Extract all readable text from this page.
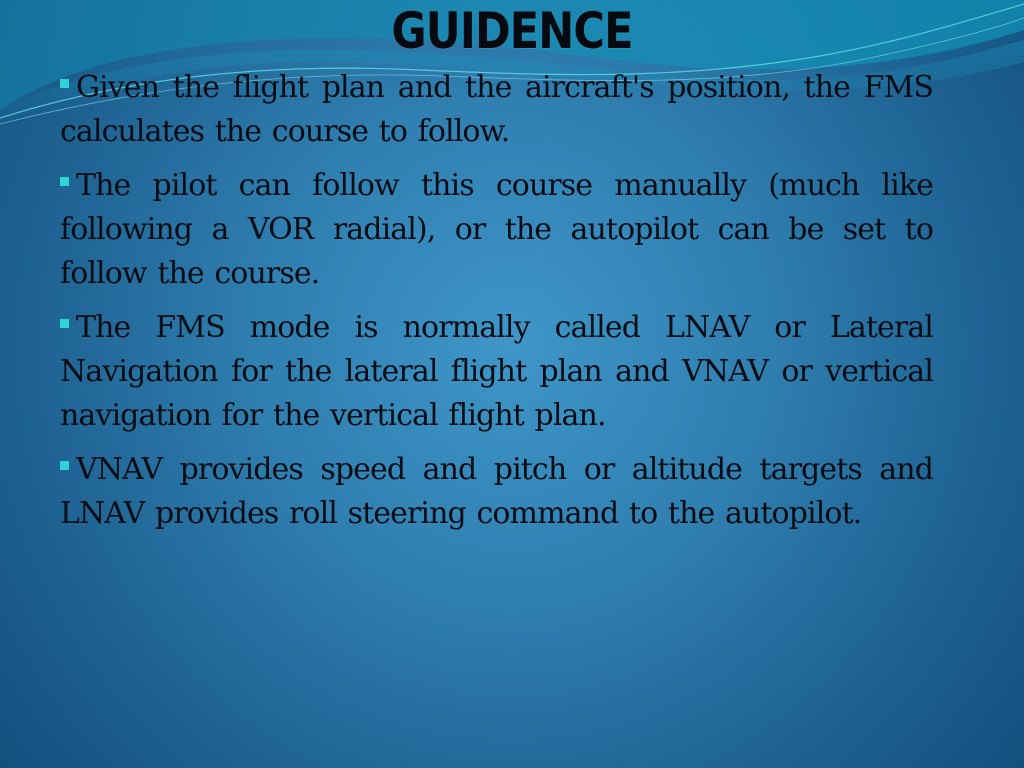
GUIDENCE
Given the flight plan and the aircraft's position, the FMS calculates the course to follow.
The pilot can follow this course manually (much like following a VOR radial), or the autopilot can be set to follow the course.
The FMS mode is normally called LNAV or Lateral Navigation for the lateral flight plan and VNAV or vertical navigation for the vertical flight plan.
VNAV provides speed and pitch or altitude targets and LNAV provides roll steering command to the autopilot.
